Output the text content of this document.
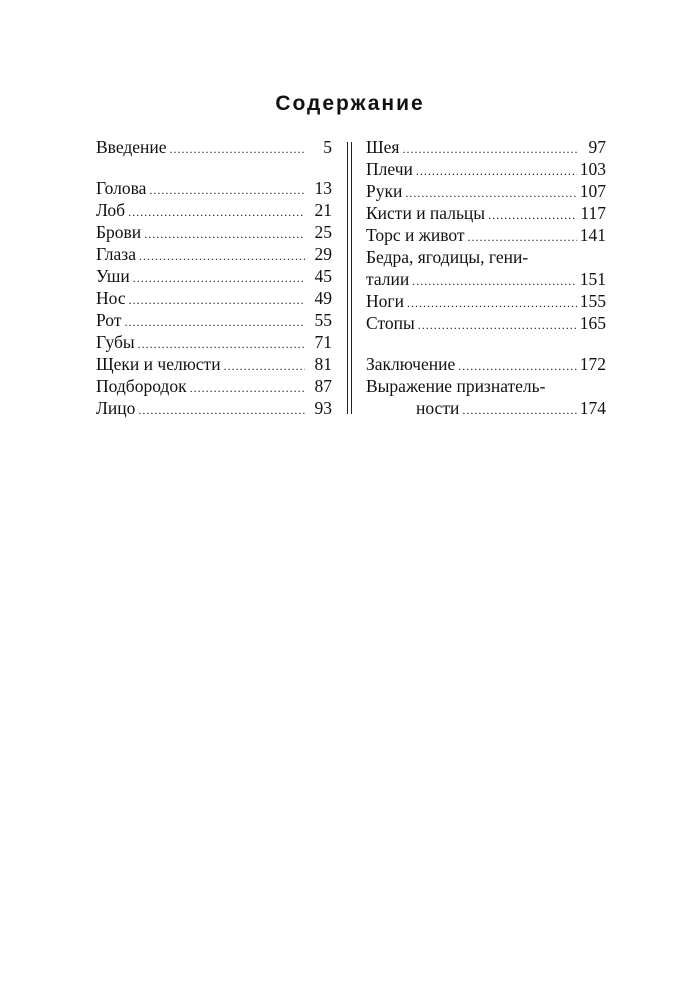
Содержание
Введение .....	5
Голова .....	13
Лоб .....	21
Брови .....	25
Глаза .....	29
Уши .....	45
Нос .....	49
Рот .....	55
Губы .....	71
Щеки и челюсти .....	81
Подбородок .....	87
Лицо .....	93
Шея .....	97
Плечи .....	103
Руки .....	107
Кисти и пальцы .....	117
Торс и живот .....	141
Бедра, ягодицы, гени-
талии .....	151
Ноги .....	155
Стопы .....	165
Заключение .....	172
Выражение признатель-
ности .....	174
